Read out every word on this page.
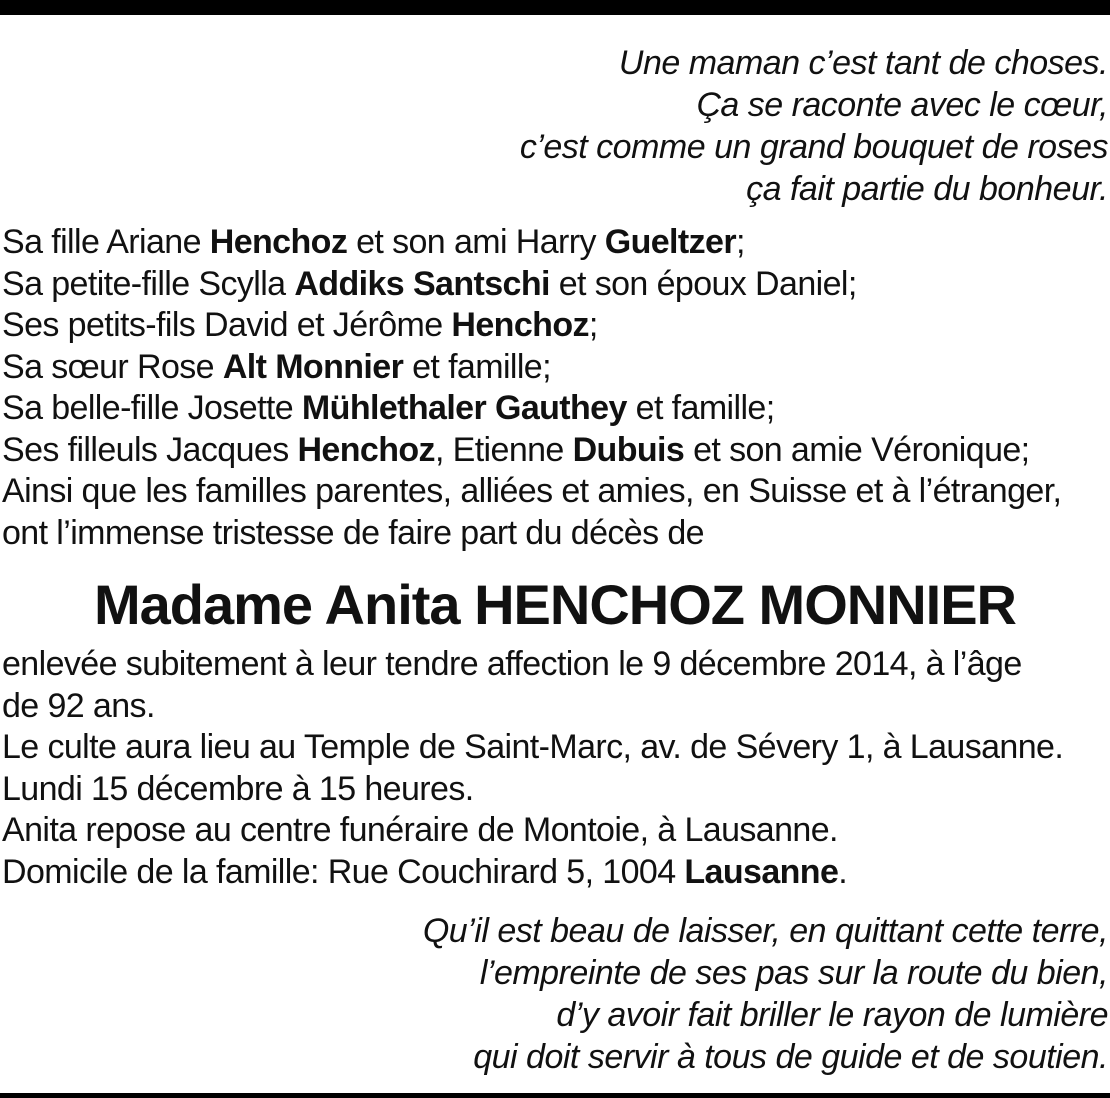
Une maman c’est tant de choses.
Ça se raconte avec le cœur,
c’est comme un grand bouquet de roses
ça fait partie du bonheur.
Sa fille Ariane Henchoz et son ami Harry Gueltzer;
Sa petite-fille Scylla Addiks Santschi et son époux Daniel;
Ses petits-fils David et Jérôme Henchoz;
Sa sœur Rose Alt Monnier et famille;
Sa belle-fille Josette Mühlethaler Gauthey et famille;
Ses filleuls Jacques Henchoz, Etienne Dubuis et son amie Véronique;
Ainsi que les familles parentes, alliées et amies, en Suisse et à l’étranger,
ont l’immense tristesse de faire part du décès de
Madame Anita HENCHOZ MONNIER
enlevée subitement à leur tendre affection le 9 décembre 2014, à l’âge
de 92 ans.
Le culte aura lieu au Temple de Saint-Marc, av. de Sévery 1, à Lausanne.
Lundi 15 décembre à 15 heures.
Anita repose au centre funéraire de Montoie, à Lausanne.
Domicile de la famille: Rue Couchirard 5, 1004 Lausanne.
Qu’il est beau de laisser, en quittant cette terre,
l’empreinte de ses pas sur la route du bien,
d’y avoir fait briller le rayon de lumière
qui doit servir à tous de guide et de soutien.
